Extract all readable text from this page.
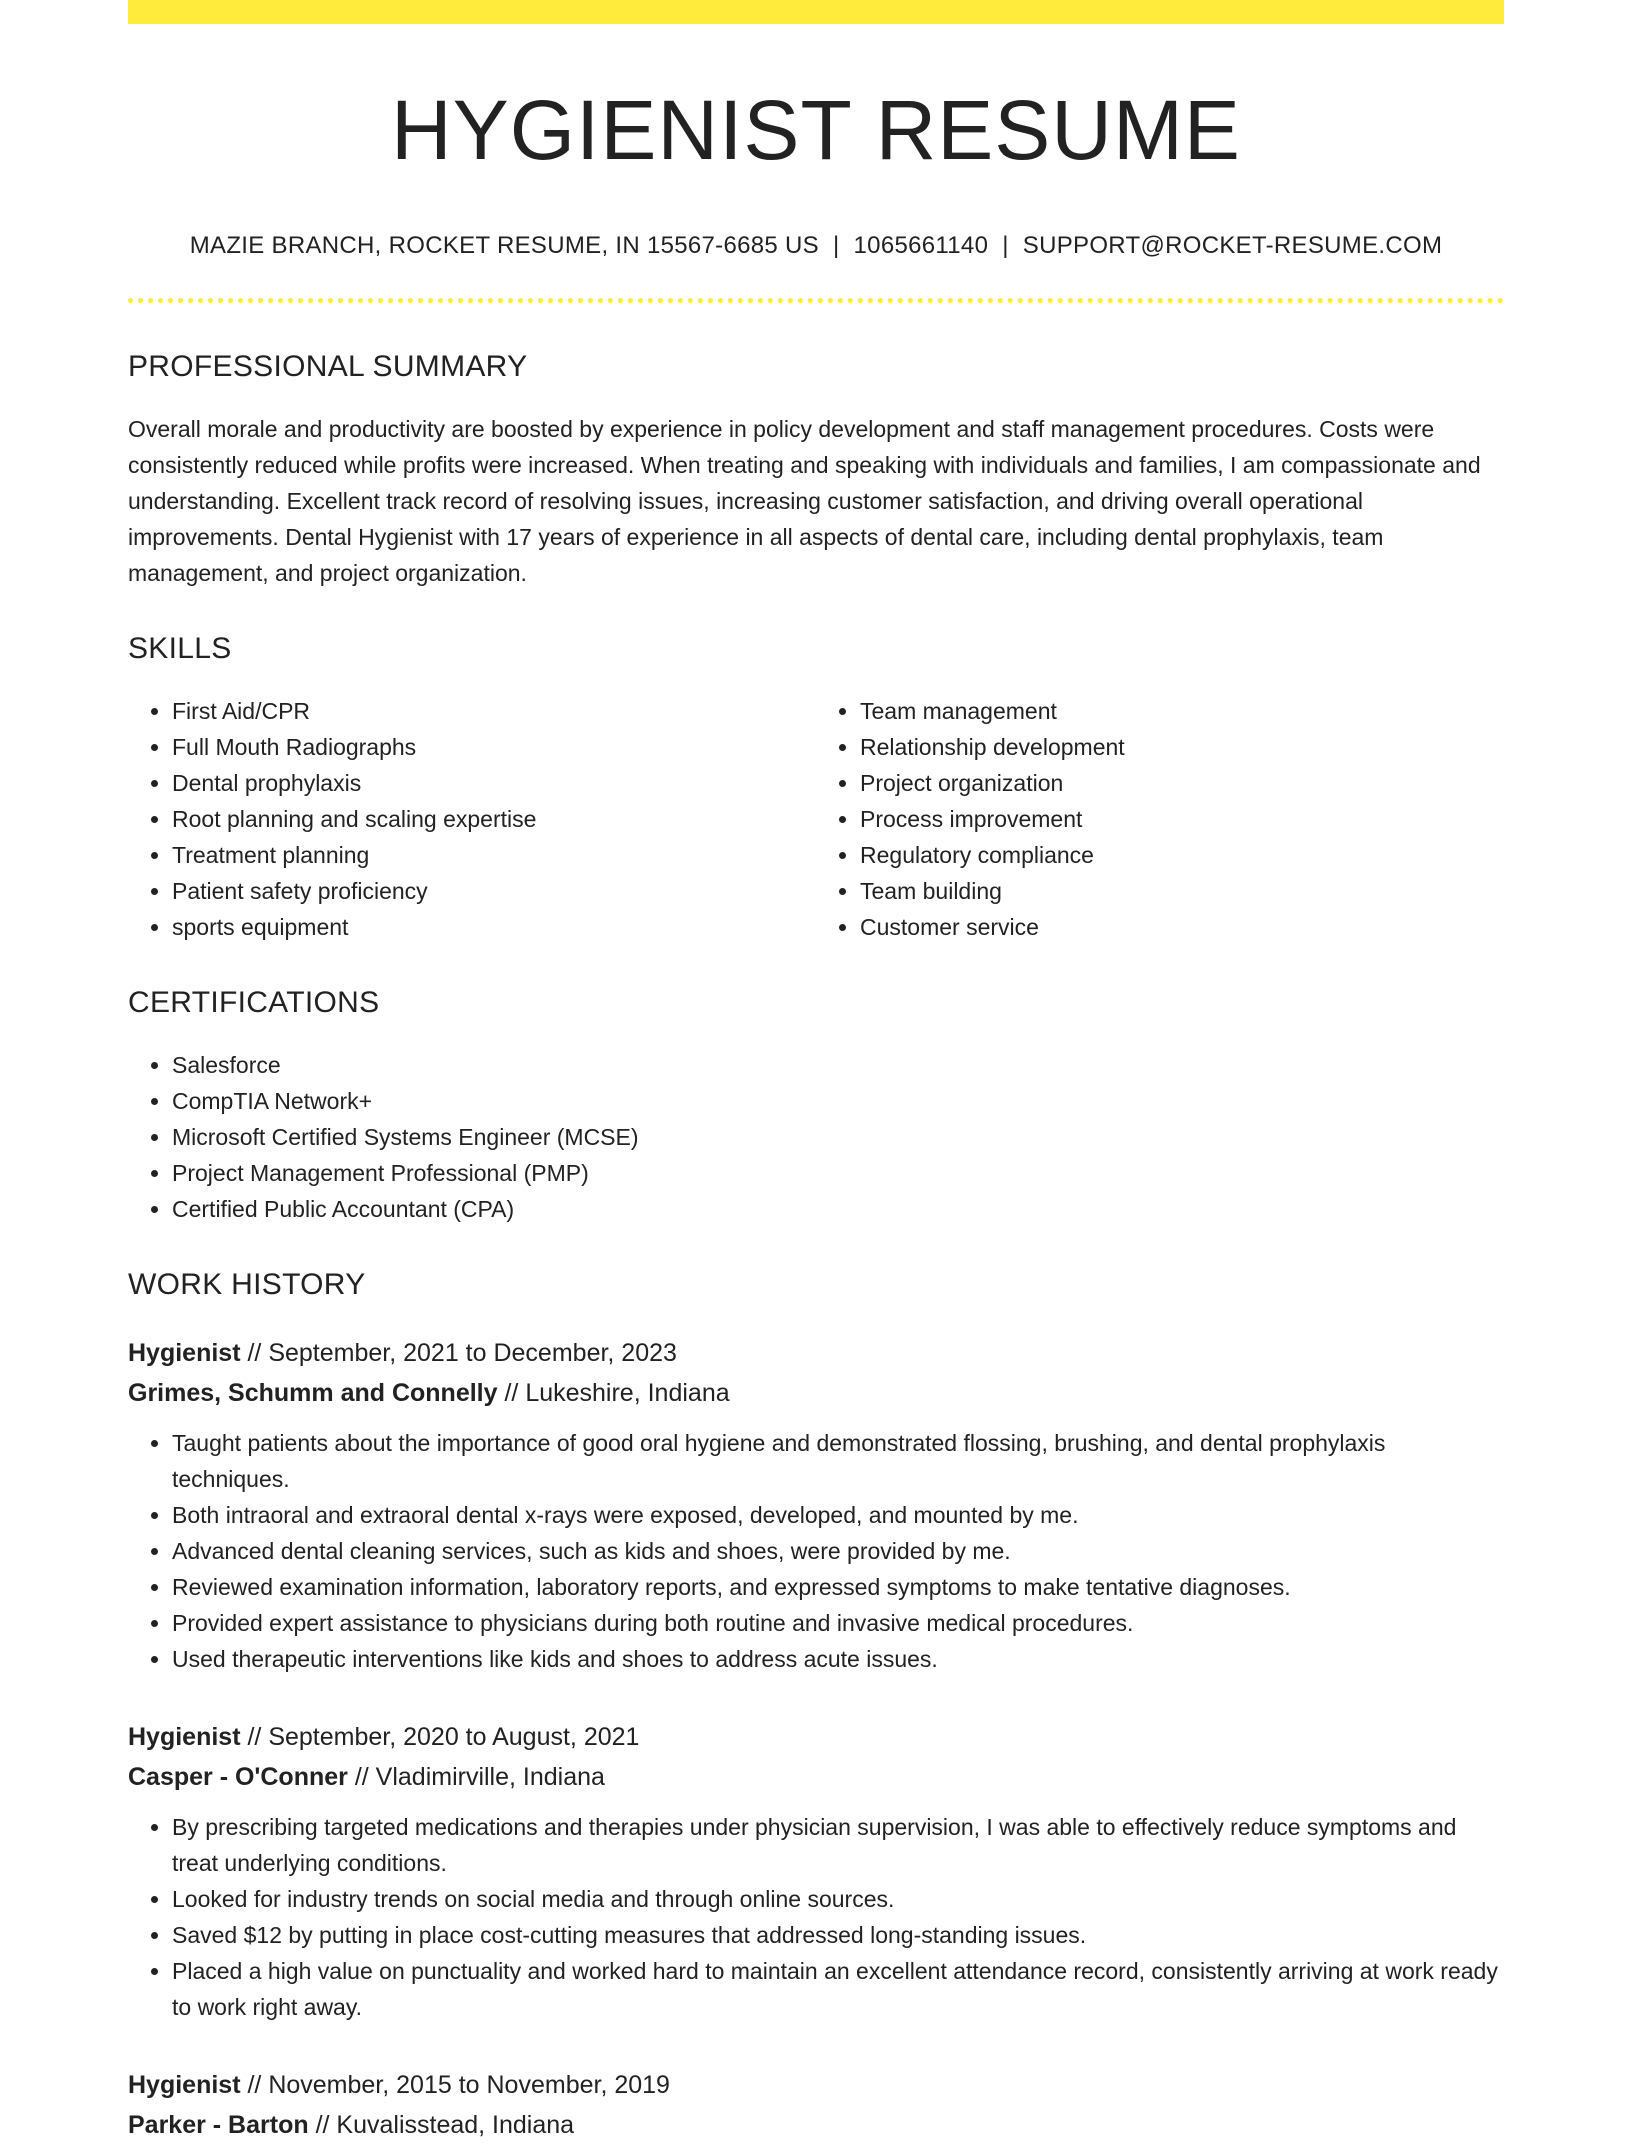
HYGIENIST RESUME
MAZIE BRANCH, ROCKET RESUME, IN 15567-6685 US | 1065661140 | SUPPORT@ROCKET-RESUME.COM
PROFESSIONAL SUMMARY

Overall morale and productivity are boosted by experience in policy development and staff management procedures. Costs were consistently reduced while profits were increased. When treating and speaking with individuals and families, I am compassionate and understanding. Excellent track record of resolving issues, increasing customer satisfaction, and driving overall operational improvements. Dental Hygienist with 17 years of experience in all aspects of dental care, including dental prophylaxis, team management, and project organization.

SKILLS
• First Aid/CPR
• Full Mouth Radiographs
• Dental prophylaxis
• Root planning and scaling expertise
• Treatment planning
• Patient safety proficiency
• sports equipment
• Team management
• Relationship development
• Project organization
• Process improvement
• Regulatory compliance
• Team building
• Customer service
CERTIFICATIONS
• Salesforce
• CompTIA Network+
• Microsoft Certified Systems Engineer (MCSE)
• Project Management Professional (PMP)
• Certified Public Accountant (CPA)
WORK HISTORY
Hygienist // September, 2021 to December, 2023
Grimes, Schumm and Connelly // Lukeshire, Indiana
• Taught patients about the importance of good oral hygiene and demonstrated flossing, brushing, and dental prophylaxis techniques.
• Both intraoral and extraoral dental x-rays were exposed, developed, and mounted by me.
• Advanced dental cleaning services, such as kids and shoes, were provided by me.
• Reviewed examination information, laboratory reports, and expressed symptoms to make tentative diagnoses.
• Provided expert assistance to physicians during both routine and invasive medical procedures.
• Used therapeutic interventions like kids and shoes to address acute issues.
Hygienist // September, 2020 to August, 2021
Casper - O'Conner // Vladimirville, Indiana
• By prescribing targeted medications and therapies under physician supervision, I was able to effectively reduce symptoms and treat underlying conditions.
• Looked for industry trends on social media and through online sources.
• Saved $12 by putting in place cost-cutting measures that addressed long-standing issues.
• Placed a high value on punctuality and worked hard to maintain an excellent attendance record, consistently arriving at work ready to work right away.
Hygienist // November, 2015 to November, 2019
Parker - Barton // Kuvalisstead, Indiana
